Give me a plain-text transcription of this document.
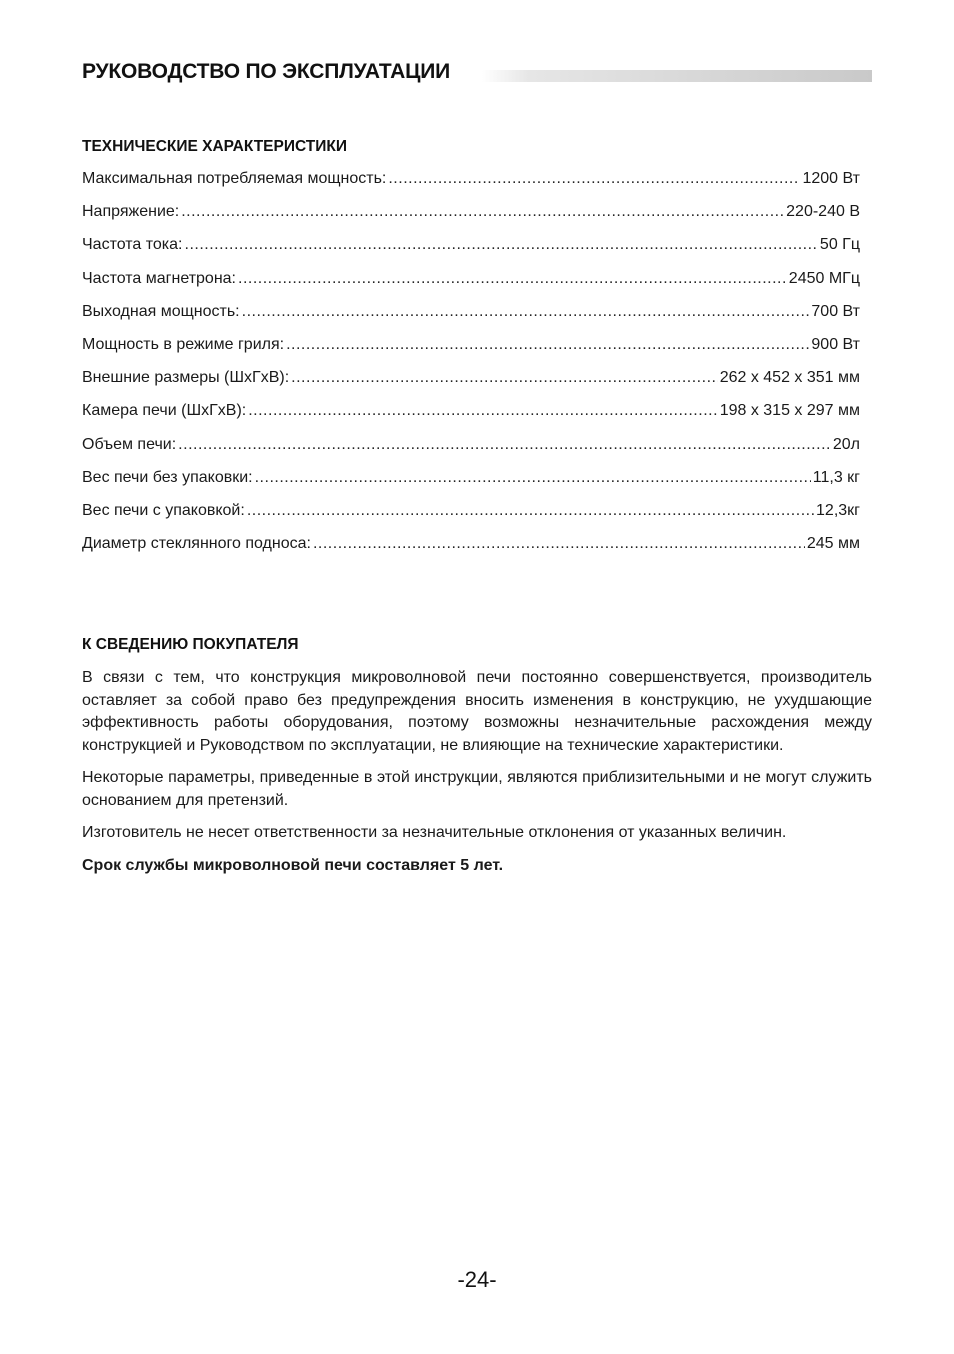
РУКОВОДСТВО ПО ЭКСПЛУАТАЦИИ
ТЕХНИЧЕСКИЕ ХАРАКТЕРИСТИКИ
Максимальная потребляемая мощность: .....	1200 Вт
Напряжение: .....	220-240 В
Частота тока: .....	50 Гц
Частота магнетрона: .....	2450 МГц
Выходная мощность: .....	700 Вт
Мощность в режиме гриля: .....	900 Вт
Внешние размеры (ШхГхВ): .....	262 х 452 х 351 мм
Камера печи (ШхГхВ): .....	198 х 315 х 297 мм
Объем печи: .....	20л
Вес печи без упаковки: .....	11,3 кг
Вес печи с упаковкой: .....	12,3кг
Диаметр стеклянного подноса: .....	245 мм
К СВЕДЕНИЮ ПОКУПАТЕЛЯ

В связи с тем, что конструкция микроволновой печи постоянно совершенствуется, производитель оставляет за собой право без предупреждения вносить изменения в конструкцию, не ухудшающие эффективность работы оборудования, поэтому возможны незначительные расхождения между конструкцией и Руководством по эксплуатации, не влияющие на технические характеристики.

Некоторые параметры, приведенные в этой инструкции, являются приблизительными и не могут служить основанием для претензий.

Изготовитель не несет ответственности за незначительные отклонения от указанных величин.

Срок службы микроволновой печи составляет 5 лет.

-24-
